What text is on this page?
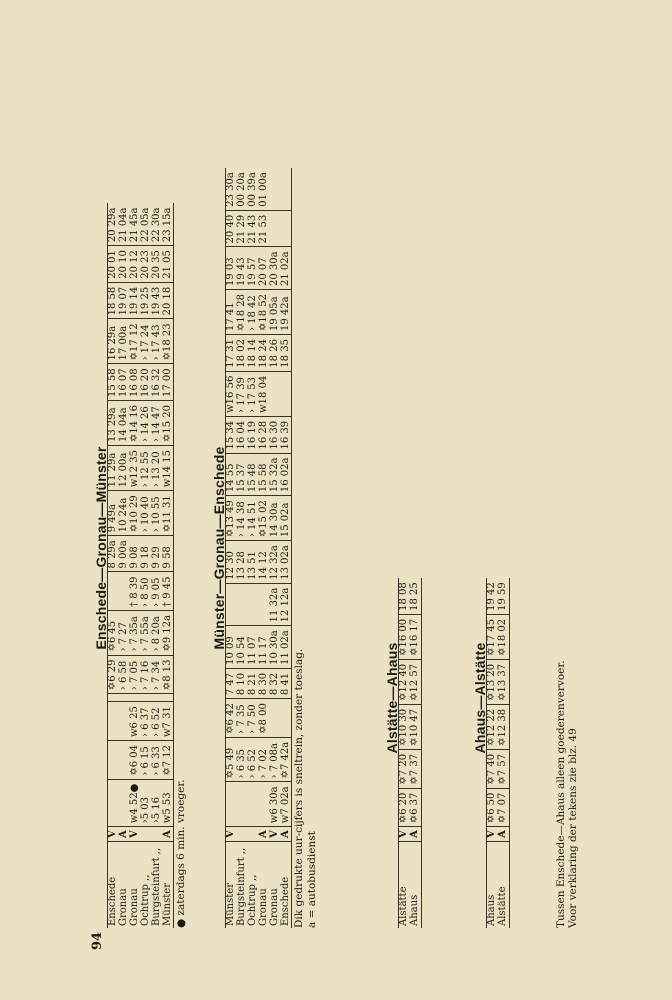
94
Enschede—Gronau—Münster
Enschede	V					✡6 29	✡6 45		8 29a	9 49a	11 29a	13 29a	15 58	16 29a	18 58	20 01	20 29a
Gronau	A					› 6 58	› 7 27		9 00a	10 24a	12 00a	14 04a	16 07	17 00a	19 07	20 10	21 04a
Gronau	V	w4 52●	✡6 04	w6 25		› 7 05	› 7 35a	† 8 39	9 08	✡10 29	w12 35	✡14 16	16 08	✡17 12	19 14	20 12	21 45a
Ochtrup ,,		›5 03	› 6 15	› 6 37		› 7 16	› 7 55a	› 8 50	9 18	› 10 40	› 12 55	› 14 26	16 20	› 17 24	19 25	20 23	22 05a
Burgsteinfurt ,,		›5 16	› 6 33	› 6 52		› 7 34	› 8 20a	› 9 05	9 29	› 10 55	› 13 20	› 14 47	16 32	› 17 43	19 43	20 35	22 30a
Münster	A	w5 53	✡7 12	w7 31		✡8 13	✡9 12a	† 9 45	9 58	✡11 31	w14 15	✡15 20	17 00	✡18 23	20 18	21 05	23 15a
● zaterdags 6 min. vroeger.
Münster—Gronau—Enschede
Münster	V		✡5 49	✡6 42	7 47	10 09		12 30	✡13 49	14 55	15 34	w16 56	17 31	17 41	19 03	20 40	23 30a
Burgsteinfurt ,,			› 6 35	› 7 35	8 10	10 54		13 28	› 14 38	15 37	16 04	› 17 39	18 02	✡18 28	19 43	21 29	00 20a
Ochtrup ,,			› 6 52	› 7 50	8 21	11 07		13 51	› 14 51	15 48	16 19	› 17 53	18 14	› 18 42	19 57	21 43	00 39a
Gronau	A		› 7 02	✡8 00	8 30	11 17		14 12	✡15 02	15 58	16 28	w18 04	18 24	✡18 52	20 07	21 53	01 00a
Gronau	V	w6 30a	› 7 08a		8 32	10 30a	11 32a	12 32a	14 30a	15 32a	16 30		18 26	19 05a	20 30a		
Enschede	A	w7 02a	✡7 42a		8 41	11 02a	12 12a	13 02a	15 02a	16 02a	16 39		18 35	19 42a	21 02a		
Dik gedrukte uur-cijfers is sneltrein, zonder toeslag. a = autobusdienst
Alstätte—Ahaus
Alstätte	V	✡6 20	✡7 20	✡10 30	✡12 40	✡16 00	18 08
Ahaus	A	✡6 37	✡7 37	✡10 47	✡12 57	✡16 17	18 25
Ahaus—Alstätte
Ahaus	V	✡6 50	✡7 40	✡12 22	✡13 20	✡17 45	19 42
Alstätte	A	✡7 07	✡7 57	✡12 38	✡13 37	✡18 02	19 59
Tussen Enschede—Ahaus alleen goederenvervoer. Voor verklaring der tekens zie blz. 49
